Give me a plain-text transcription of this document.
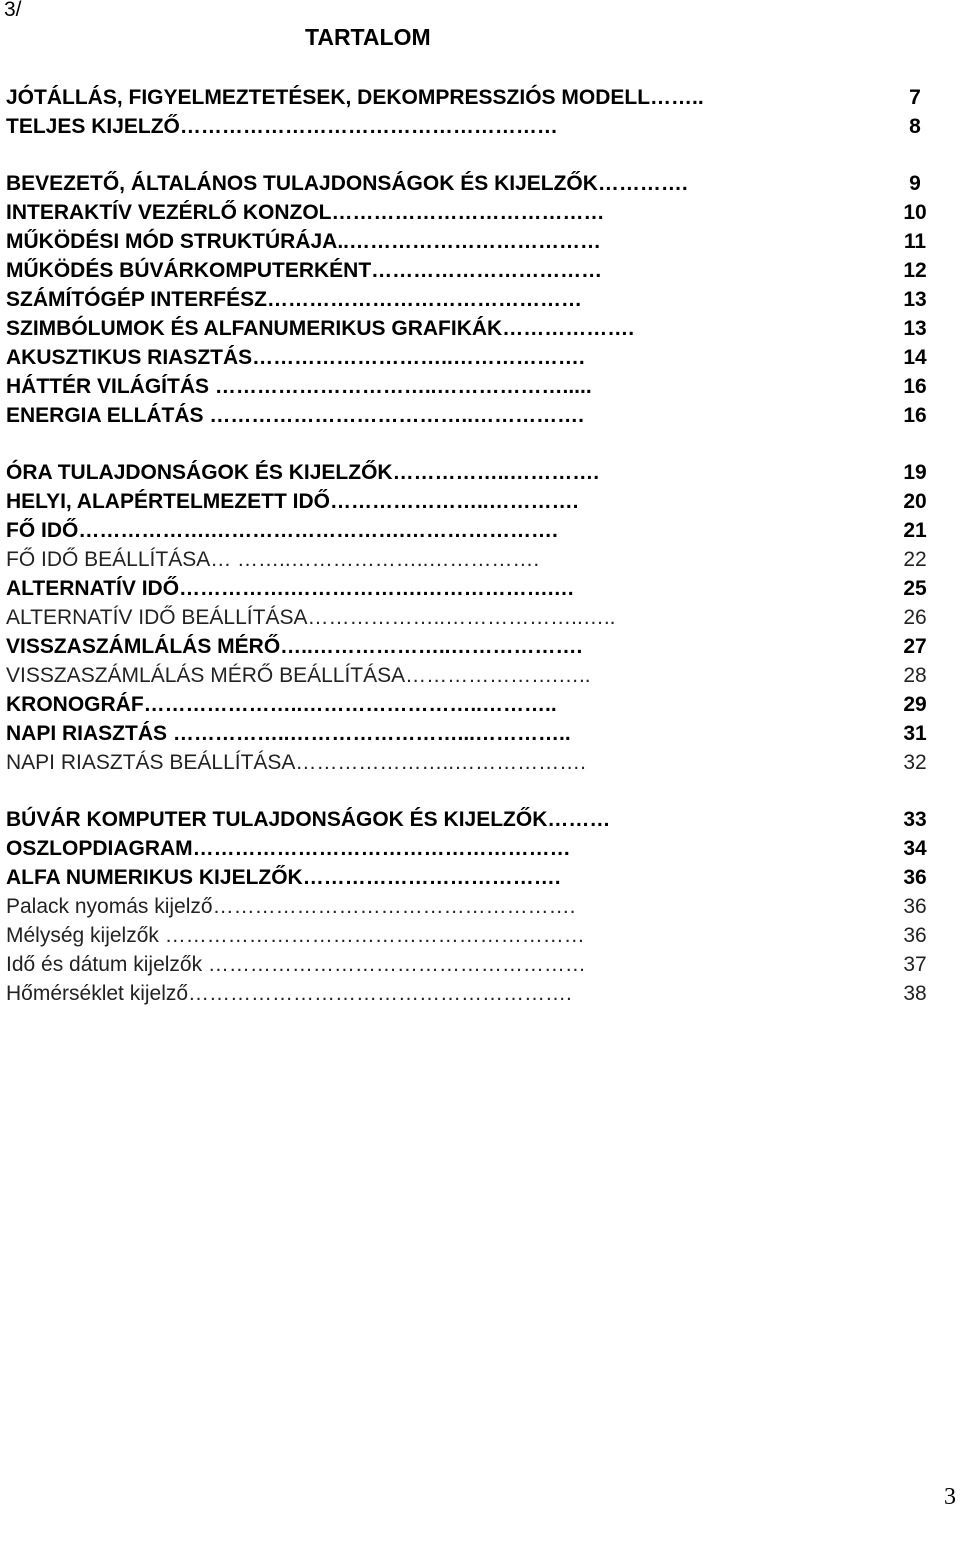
3/
TARTALOM
JÓTÁLLÁS, FIGYELMEZTETÉSEK, DEKOMPRESSZIÓS MODELL……..	7
TELJES KIJELZŐ………………………………………………	8
BEVEZETŐ, ÁLTALÁNOS TULAJDONSÁGOK ÉS KIJELZŐK………….	9
INTERAKTÍV VEZÉRLŐ KONZOL…………………………………	10
MŰKÖDÉSI MÓD STRUKTÚRÁJA..………………………………	11
MŰKÖDÉS BÚVÁRKOMPUTERKÉNT……………………………	12
SZÁMÍTÓGÉP INTERFÉSZ………………………………………	13
SZIMBÓLUMOK ÉS ALFANUMERIKUS GRAFIKÁK……………….	13
AKUSZTIKUS RIASZTÁS………………………..……………….	14
HÁTTÉR VILÁGÍTÁS …………………………..……………….....	16
ENERGIA ELLÁTÁS ………………………………..…………….	16
ÓRA TULAJDONSÁGOK ÉS KIJELZŐK……………..………….	19
HELYI, ALAPÉRTELMEZETT IDŐ…………………..………….	20
FŐ IDŐ……………….……………………….………………….	21
FŐ IDŐ BEÁLLÍTÁSA… ……..………………..…………….	22
ALTERNATÍV IDŐ…………….……………….……………….…	25
ALTERNATÍV IDŐ BEÁLLÍTÁSA………………..………………..…..	26
VISSZASZÁMLÁLÁS MÉRŐ…..………………..……………….	27
VISSZASZÁMLÁLÁS MÉRŐ BEÁLLÍTÁSA………………….…..	28
KRONOGRÁF…………………..……………………..………..	29
NAPI RIASZTÁS ……………..……………………...…………..	31
NAPI RIASZTÁS BEÁLLÍTÁSA…………………..……………….	32
BÚVÁR KOMPUTER TULAJDONSÁGOK ÉS KIJELZŐK………	33
OSZLOPDIAGRAM………………………………………………	34
ALFA NUMERIKUS KIJELZŐK……………………………….	36
Palack nyomás kijelző…………………………………………….	36
Mélység kijelzők ……………………………………………………	36
Idő és dátum kijelzők ………………………………………………	37
Hőmérséklet kijelző……………………………………………….	38
3
